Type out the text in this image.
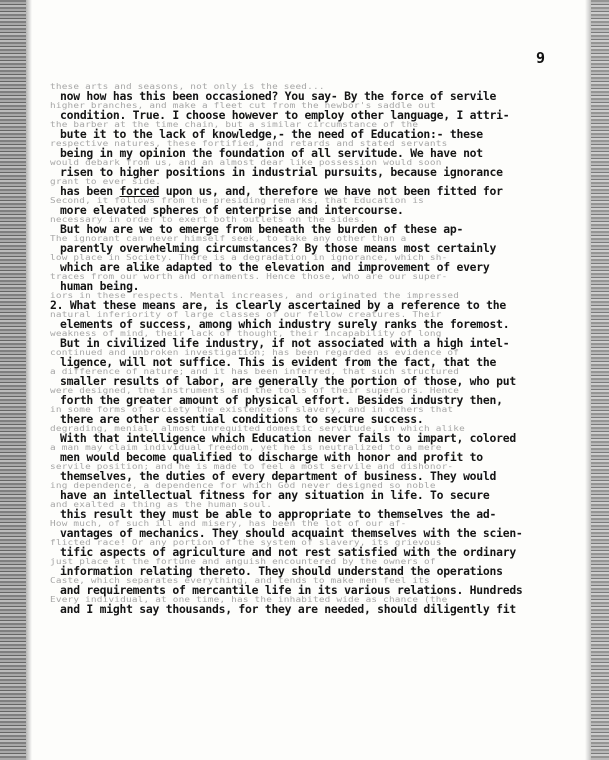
9
these arts and seasons, not only is the seed...
now how has this been occasioned? You say- By the force of servile
higher branches, and make a fleet cut from the hewbor's saddle out
condition. True. I choose however to employ other language, I attri-
the barber at the time chain, but a similar circumstance of the
bute it to the lack of knowledge,- the need of Education:- these
respective natures, these fortified, and retards and stated servants
being in my opinion the foundation of all servitude. We have not
would debark from us, and an almost dear like possession would soon
risen to higher positions in industrial pursuits, because ignorance
grant to ever side.
has been forced upon us, and, therefore we have not been fitted for
Second, it follows from the presiding remarks, that Education is
more elevated spheres of enterprise and intercourse.
necessary in order to exert both outlets on the sides.
But how are we to emerge from beneath the burden of these ap-
The ignorant can never himself seek, to take any other than a
parently overwhelming circumstances? By those means most certainly
low place in Society. There is a degradation in ignorance, which sh-
which are alike adapted to the elevation and improvement of every
traces from our worth and ornaments. Hence those, who are our super-
human being.
iors in these respects. Mental increases, and originated the impressed
2. What these means are, is clearly ascertained by a reference to the
natural inferiority of large classes of our fellow creatures. Their
elements of success, among which industry surely ranks the foremost.
weakness of mind, their lack of thought, their incapability of long
But in civilized life industry, if not associated with a high intel-
continued and unbroken investigation; has been regarded as evidence of
ligence, will not suffice. This is evident from the fact, that the
a difference of nature; and it has been inferred, that such structured
smaller results of labor, are generally the portion of those, who put
were designed, the instruments and the tools of their superiors. Hence
forth the greater amount of physical effort. Besides industry then,
in some forms of society the existence of slavery, and in others that
there are other essential conditions to secure success.
degrading, menial, almost unrequited domestic servitude, in which alike
With that intelligence which Education never fails to impart, colored
a man may claim individual freedom, yet he is neutralized to a mere
men would become qualified to discharge with honor and profit to
servile position; and he is made to feel a most servile and dishonor-
themselves, the duties of every department of business. They would
ing dependence, a dependence for which God never designed so noble
have an intellectual fitness for any situation in life. To secure
and exalted a thing as the human soul.
this result they must be able to appropriate to themselves the ad-
How much, of such ill and misery, has been the lot of our af-
vantages of mechanics. They should acquaint themselves with the scien-
flicted race! Or any portion of the system of slavery, its grievous
tific aspects of agriculture and not rest satisfied with the ordinary
just place at the fortune and anguish encountered by the owners of
information relating thereto. They should understand the operations
Caste, which separates everything, and tends to make men feel its
and requirements of mercantile life in its various relations. Hundreds
Every individual, at one time, has the inhabited wide as chance (the
and I might say thousands, for they are needed, should diligently fit
